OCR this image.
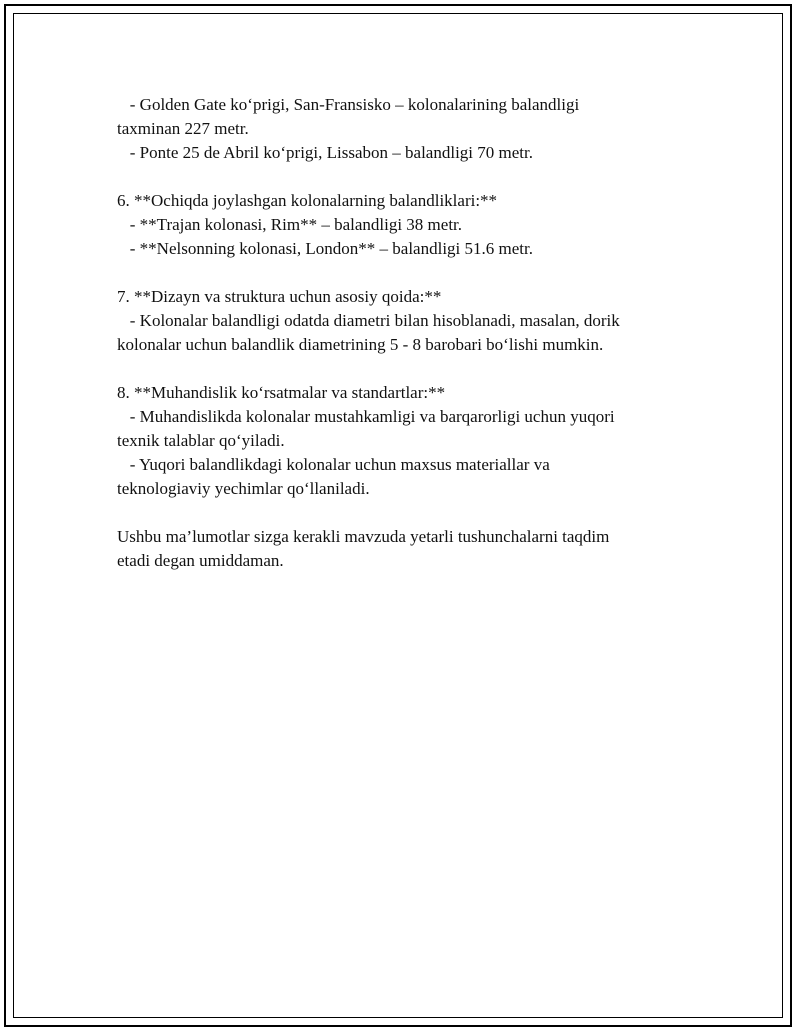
- Golden Gate ko‘prigi, San-Fransisko – kolonalarining balandligi
taxminan 227 metr.
- Ponte 25 de Abril ko‘prigi, Lissabon – balandligi 70 metr.
6. **Ochiqda joylashgan kolonalarning balandliklari:**
- **Trajan kolonasi, Rim** – balandligi 38 metr.
- **Nelsonning kolonasi, London** – balandligi 51.6 metr.
7. **Dizayn va struktura uchun asosiy qoida:**
- Kolonalar balandligi odatda diametri bilan hisoblanadi, masalan, dorik
kolonalar uchun balandlik diametrining 5 - 8 barobari bo‘lishi mumkin.
8. **Muhandislik ko‘rsatmalar va standartlar:**
- Muhandislikda kolonalar mustahkamligi va barqarorligi uchun yuqori
texnik talablar qo‘yiladi.
- Yuqori balandlikdagi kolonalar uchun maxsus materiallar va
teknologiaviy yechimlar qo‘llaniladi.
Ushbu ma’lumotlar sizga kerakli mavzuda yetarli tushunchalarni taqdim
etadi degan umiddaman.
